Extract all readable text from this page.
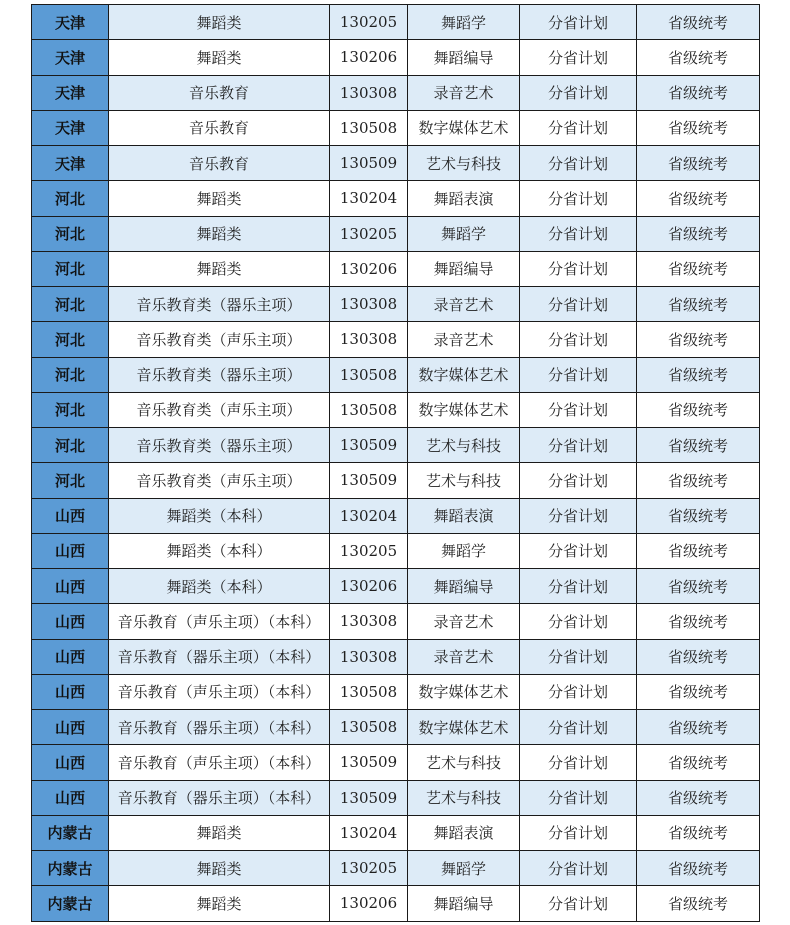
天津	舞蹈类	130205	舞蹈学	分省计划	省级统考
天津	舞蹈类	130206	舞蹈编导	分省计划	省级统考
天津	音乐教育	130308	录音艺术	分省计划	省级统考
天津	音乐教育	130508	数字媒体艺术	分省计划	省级统考
天津	音乐教育	130509	艺术与科技	分省计划	省级统考
河北	舞蹈类	130204	舞蹈表演	分省计划	省级统考
河北	舞蹈类	130205	舞蹈学	分省计划	省级统考
河北	舞蹈类	130206	舞蹈编导	分省计划	省级统考
河北	音乐教育类（器乐主项）	130308	录音艺术	分省计划	省级统考
河北	音乐教育类（声乐主项）	130308	录音艺术	分省计划	省级统考
河北	音乐教育类（器乐主项）	130508	数字媒体艺术	分省计划	省级统考
河北	音乐教育类（声乐主项）	130508	数字媒体艺术	分省计划	省级统考
河北	音乐教育类（器乐主项）	130509	艺术与科技	分省计划	省级统考
河北	音乐教育类（声乐主项）	130509	艺术与科技	分省计划	省级统考
山西	舞蹈类（本科）	130204	舞蹈表演	分省计划	省级统考
山西	舞蹈类（本科）	130205	舞蹈学	分省计划	省级统考
山西	舞蹈类（本科）	130206	舞蹈编导	分省计划	省级统考
山西	音乐教育（声乐主项）（本科）	130308	录音艺术	分省计划	省级统考
山西	音乐教育（器乐主项）（本科）	130308	录音艺术	分省计划	省级统考
山西	音乐教育（声乐主项）（本科）	130508	数字媒体艺术	分省计划	省级统考
山西	音乐教育（器乐主项）（本科）	130508	数字媒体艺术	分省计划	省级统考
山西	音乐教育（声乐主项）（本科）	130509	艺术与科技	分省计划	省级统考
山西	音乐教育（器乐主项）（本科）	130509	艺术与科技	分省计划	省级统考
内蒙古	舞蹈类	130204	舞蹈表演	分省计划	省级统考
内蒙古	舞蹈类	130205	舞蹈学	分省计划	省级统考
内蒙古	舞蹈类	130206	舞蹈编导	分省计划	省级统考
